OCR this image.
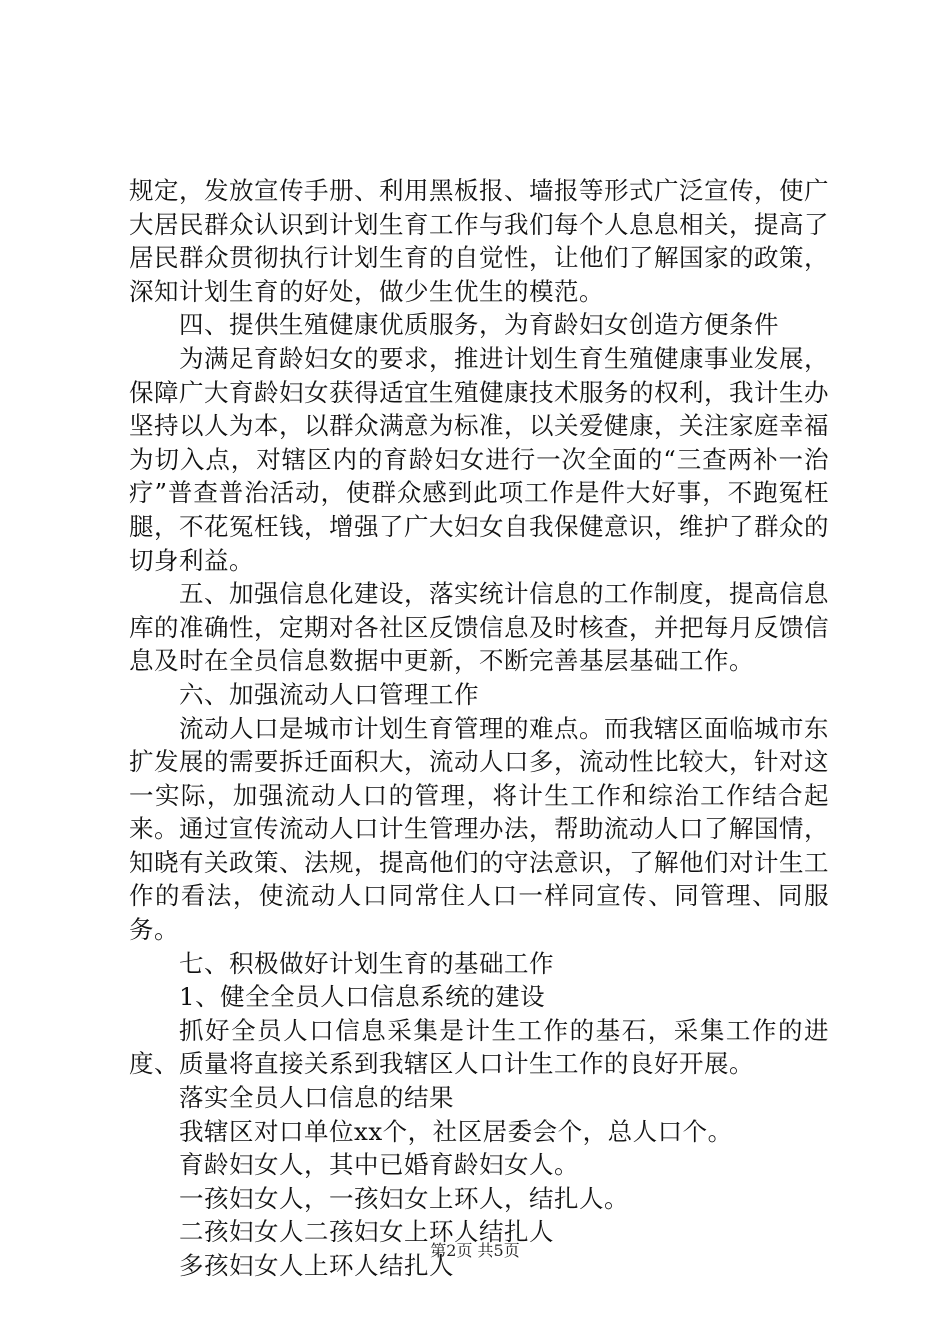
规定，发放宣传手册、利用黑板报、墙报等形式广泛宣传，使广大居民群众认识到计划生育工作与我们每个人息息相关，提高了居民群众贯彻执行计划生育的自觉性，让他们了解国家的政策，深知计划生育的好处，做少生优生的模范。

四、提供生殖健康优质服务，为育龄妇女创造方便条件

为满足育龄妇女的要求，推进计划生育生殖健康事业发展，保障广大育龄妇女获得适宜生殖健康技术服务的权利，我计生办坚持以人为本，以群众满意为标准，以关爱健康，关注家庭幸福为切入点，对辖区内的育龄妇女进行一次全面的“三查两补一治疗”普查普治活动，使群众感到此项工作是件大好事，不跑冤枉腿，不花冤枉钱，增强了广大妇女自我保健意识，维护了群众的切身利益。

五、加强信息化建设，落实统计信息的工作制度，提高信息库的准确性，定期对各社区反馈信息及时核查，并把每月反馈信息及时在全员信息数据中更新，不断完善基层基础工作。

六、加强流动人口管理工作

流动人口是城市计划生育管理的难点。而我辖区面临城市东扩发展的需要拆迁面积大，流动人口多，流动性比较大，针对这一实际，加强流动人口的管理，将计生工作和综治工作结合起来。通过宣传流动人口计生管理办法，帮助流动人口了解国情，知晓有关政策、法规，提高他们的守法意识，了解他们对计生工作的看法，使流动人口同常住人口一样同宣传、同管理、同服务。

七、积极做好计划生育的基础工作

1、健全全员人口信息系统的建设

抓好全员人口信息采集是计生工作的基石，采集工作的进度、质量将直接关系到我辖区人口计生工作的良好开展。

落实全员人口信息的结果

我辖区对口单位xx个，社区居委会个，总人口个。

育龄妇女人，其中已婚育龄妇女人。

一孩妇女人，一孩妇女上环人，结扎人。

二孩妇女人二孩妇女上环人结扎人

多孩妇女人上环人结扎人

第2页 共5页
